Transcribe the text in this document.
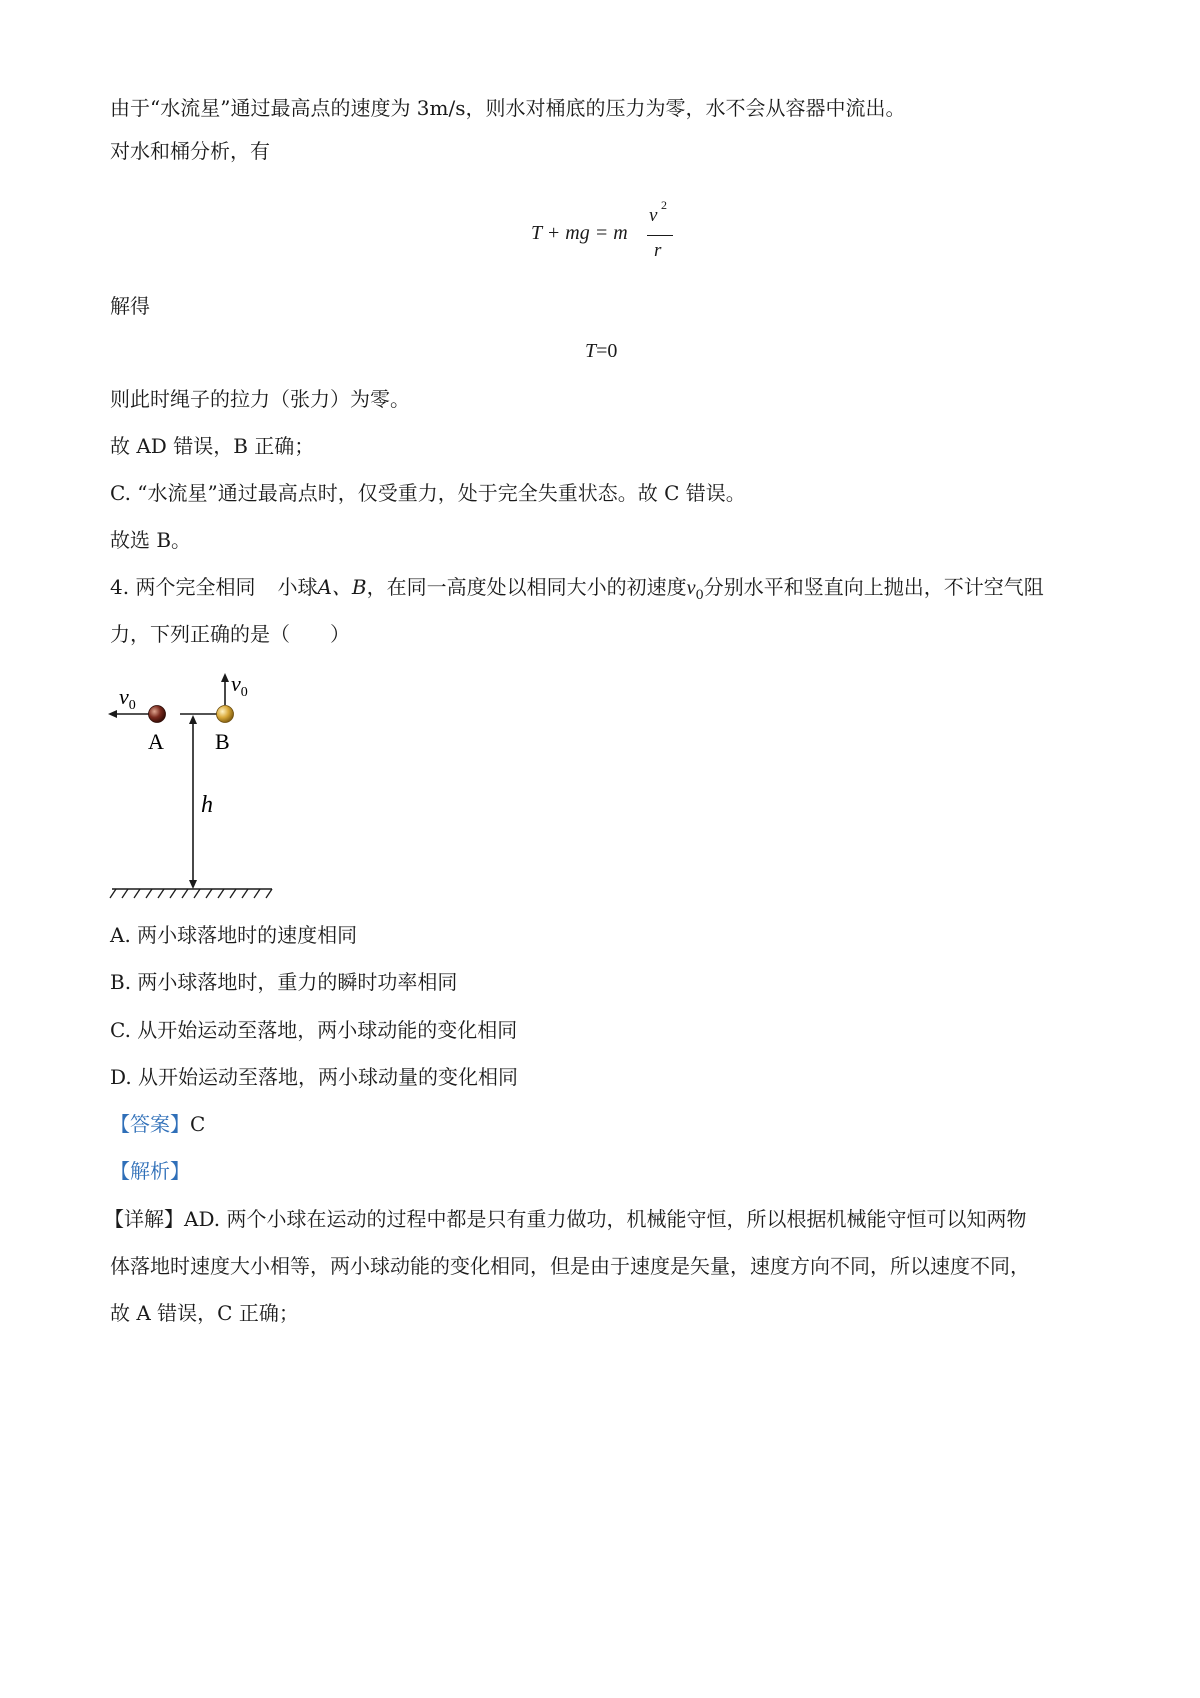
由于“水流星”通过最高点的速度为 3m/s，则水对桶底的压力为零，水不会从容器中流出。
对水和桶分析，有
T + mg = m
v 2
r
解得
T=0
则此时绳子的拉力（张力）为零。
故 AD 错误，B 正确；
C. “水流星”通过最高点时，仅受重力，处于完全失重状态。故 C 错误。
故选 B。
4. 两个完全相同 小球A、B，在同一高度处以相同大小的初速度$v_0$分别水平和竖直向上抛出，不计空气阻
力，下列正确的是（　　）
$v_0$
A B
$v_0$
h
A. 两小球落地时的速度相同
B. 两小球落地时，重力的瞬时功率相同
C. 从开始运动至落地，两小球动能的变化相同
D. 从开始运动至落地，两小球动量的变化相同
【答案】C
【解析】
【详解】AD. 两个小球在运动的过程中都是只有重力做功，机械能守恒，所以根据机械能守恒可以知两物
体落地时速度大小相等，两小球动能的变化相同，但是由于速度是矢量，速度方向不同，所以速度不同，
故 A 错误，C 正确；
